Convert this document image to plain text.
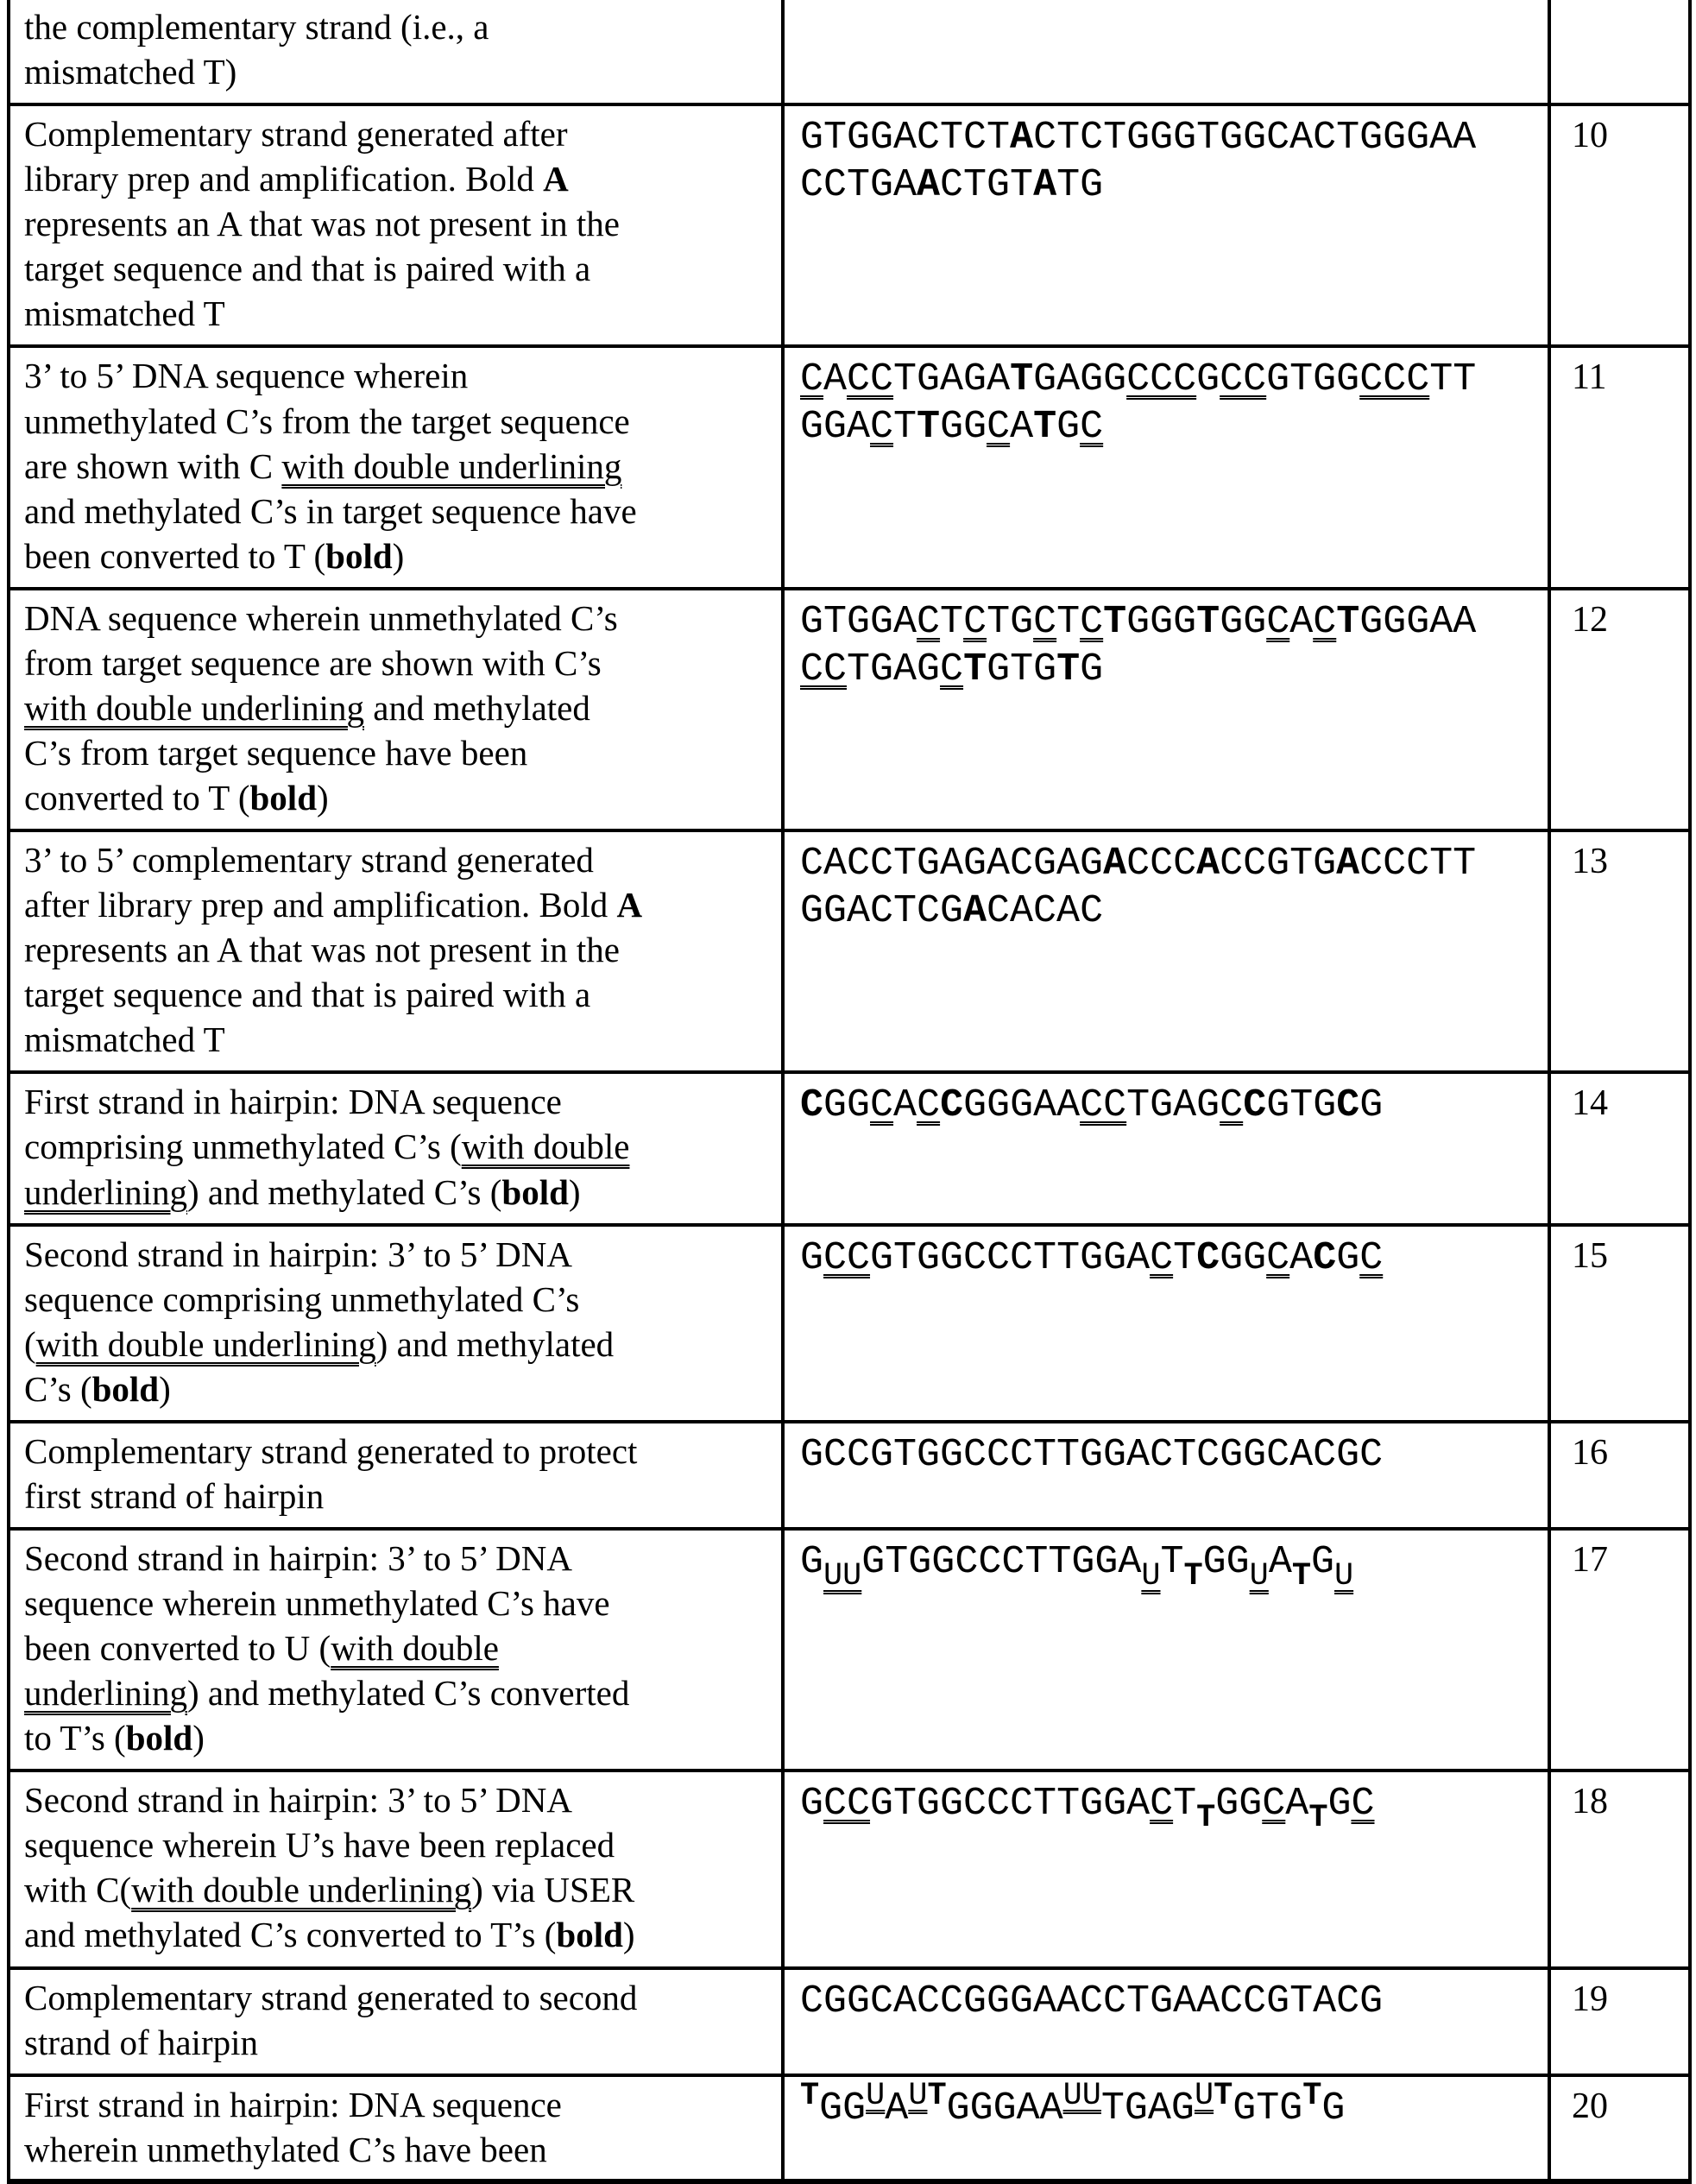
the complementary strand (i.e., a
mismatched T)		
Complementary strand generated after
library prep and amplification. Bold A
represents an A that was not present in the
target sequence and that is paired with a
mismatched T	GTGGACTCTACTCTGGGTGGCACTGGGAA
CCTGAACTGTATG	10
3’ to 5’ DNA sequence wherein
unmethylated C’s from the target sequence
are shown with C with double underlining
and methylated C’s in target sequence have
been converted to T (bold)	CACCTGAGATGAGGCCCGCCGTGGCCCTT
GGACTTGGCATGC	11
DNA sequence wherein unmethylated C’s
from target sequence are shown with C’s
with double underlining and methylated
C’s from target sequence have been
converted to T (bold)	GTGGACTCTGCTCTGGGTGGCACTGGGAA
CCTGAGCTGTGTG	12
3’ to 5’ complementary strand generated
after library prep and amplification. Bold A
represents an A that was not present in the
target sequence and that is paired with a
mismatched T	CACCTGAGACGAGACCCACCGTGACCCTT
GGACTCGACACAC	13
First strand in hairpin: DNA sequence
comprising unmethylated C’s (with double
underlining) and methylated C’s (bold)	CGGCACCGGGAACCTGAGCCGTGCG	14
Second strand in hairpin: 3’ to 5’ DNA
sequence comprising unmethylated C’s
(with double underlining) and methylated
C’s (bold)	GCCGTGGCCCTTGGACTCGGCACGC	15
Complementary strand generated to protect
first strand of hairpin	GCCGTGGCCCTTGGACTCGGCACGC	16
Second strand in hairpin: 3’ to 5’ DNA
sequence wherein unmethylated C’s have
been converted to U (with double
underlining) and methylated C’s converted
to T’s (bold)	$G_{UU}GTGGCCCTTGGA_UT_TGG_UA_TG_U$	17
Second strand in hairpin: 3’ to 5’ DNA
sequence wherein U’s have been replaced
with C(with double underlining) via USER
and methylated C’s converted to T’s (bold)	$GCCGTGGCCCTTGGACT_TGGCA_TGC$	18
Complementary strand generated to second
strand of hairpin	CGGCACCGGGAACCTGAACCGTACG	19
First strand in hairpin: DNA sequence
wherein unmethylated C’s have been	$^TGG^UA^{UT}GGGAA^{UU}TGAG^{UT}GTG^TG$	20
